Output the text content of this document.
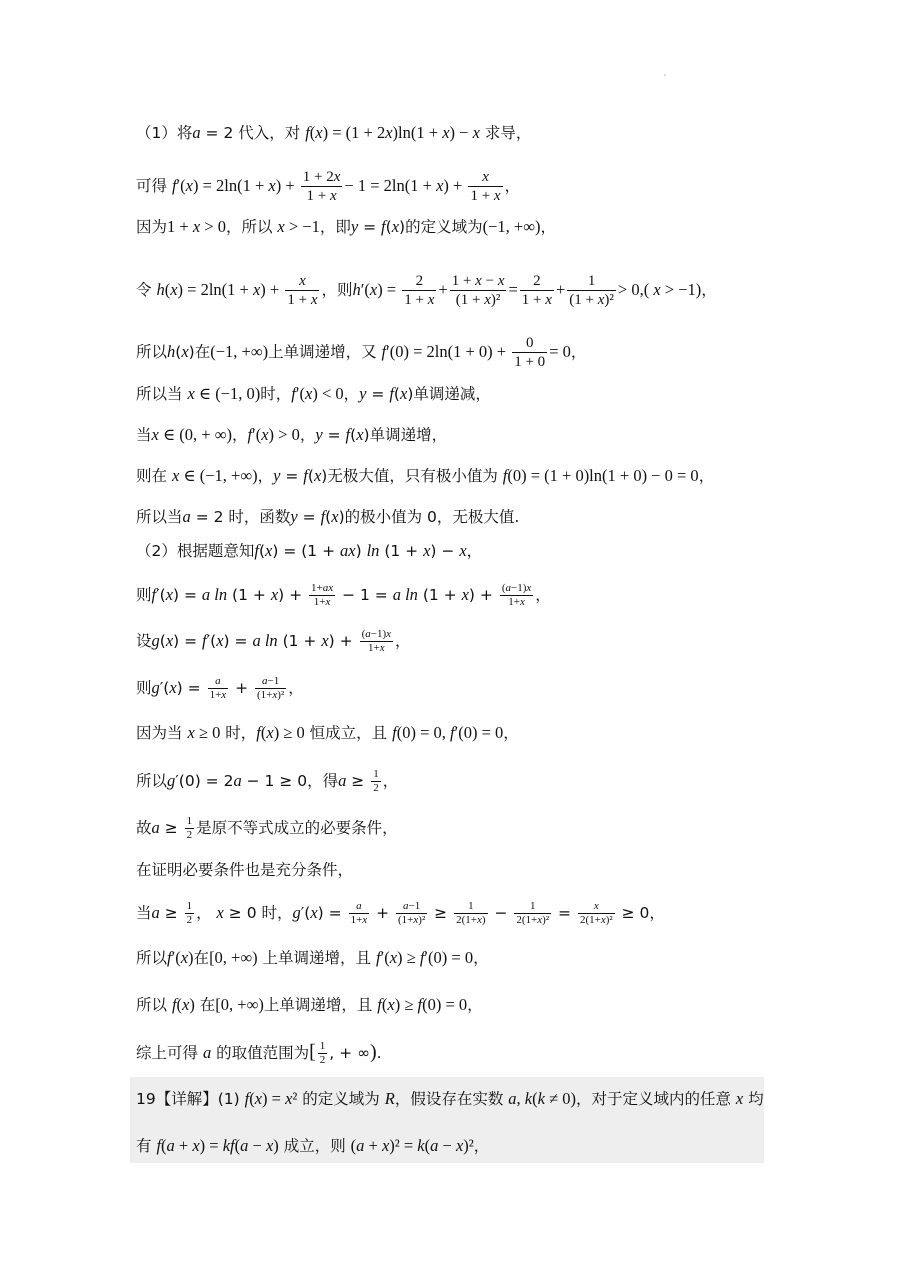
（1）将a = 2 代入，对 f(x) = (1 + 2x)ln(1 + x) − x 求导，
可得 $f'(x) = 2\ln(1 + x) + \frac{1 + 2x}{1 + x} - 1 = 2\ln(1 + x) + \frac{x}{1 + x}$ ，
因为1 + x > 0，所以 x > −1，即y = f(x)的定义域为(−1, +∞)，
令 $h(x) = 2\ln(1 + x) + \frac{x}{1 + x}$ ，则$h'(x) = \frac{2}{1 + x} + \frac{1 + x - x}{\text{(1 + x)²}} = \frac{2}{1 + x} + \frac{1}{\text{(1 + x)²}} > 0$,( x > −1)，
所以h(x)在(−1, +∞)上单调递增，又 $f'(0) = 2\ln(1 + 0) + \frac{0}{1 + 0} = 0$，
所以当 x ∈ (−1, 0)时，f′(x) < 0，y = f(x)单调递减，
当x ∈ (0, + ∞)，f′(x) > 0，y = f(x)单调递增，
则在 x ∈ (−1, +∞)，y = f(x)无极大值，只有极小值为 f(0) = (1 + 0)ln(1 + 0) − 0 = 0，
所以当a = 2 时，函数y = f(x)的极小值为 0，无极大值.
（2）根据题意知f(x) = (1 + ax) ln (1 + x) − x，
则f′(x) = a $\ln (1 + x) + \frac{1+ax}{1+x} - 1 = a$ $\ln (1 + x) + \frac{(a-1)x}{1+x}$ ，
设g(x) = f′(x) = a $\ln (1 + x) + \frac{(a-1)x}{1+x}$ ，
则$g'(x) = \frac{a}{1+x} + \frac{a-1}{\text{(1+x)²}}$ ，
因为当 x ≥ 0 时，f(x) ≥ 0 恒成立，且 f(0) = 0, f′(0) = 0，
所以g′(0) = 2a − 1 ≥ 0，得$a \ge \frac{1}{2}$ ，
故$a \ge \frac{1}{2}$ 是原不等式成立的必要条件，
在证明必要条件也是充分条件，
当$a \ge \frac{1}{2}$ ， x ≥ 0 时，$g'(x) = \frac{a}{1+x} + \frac{a-1}{\text{(1+x)²}} \ge \frac{1}{2(1+x)} - \frac{1}{\text{2(1+x)²}} = \frac{x}{\text{2(1+x)²}} \ge 0$，
所以f′(x)在[0, +∞) 上单调递增，且 f′(x) ≥ f′(0) = 0，
所以 f(x) 在[0, +∞)上单调递增，且 f(x) ≥ f(0) = 0，
综上可得 a 的取值范围为[ $\frac{1}{2}$ , + ∞).
19【详解】(1) f(x) = x² 的定义域为 R，假设存在实数 a, k(k ≠ 0)，对于定义域内的任意 x 均
有 f(a + x) = kf(a − x) 成立，则 (a + x)² = k(a − x)²，
